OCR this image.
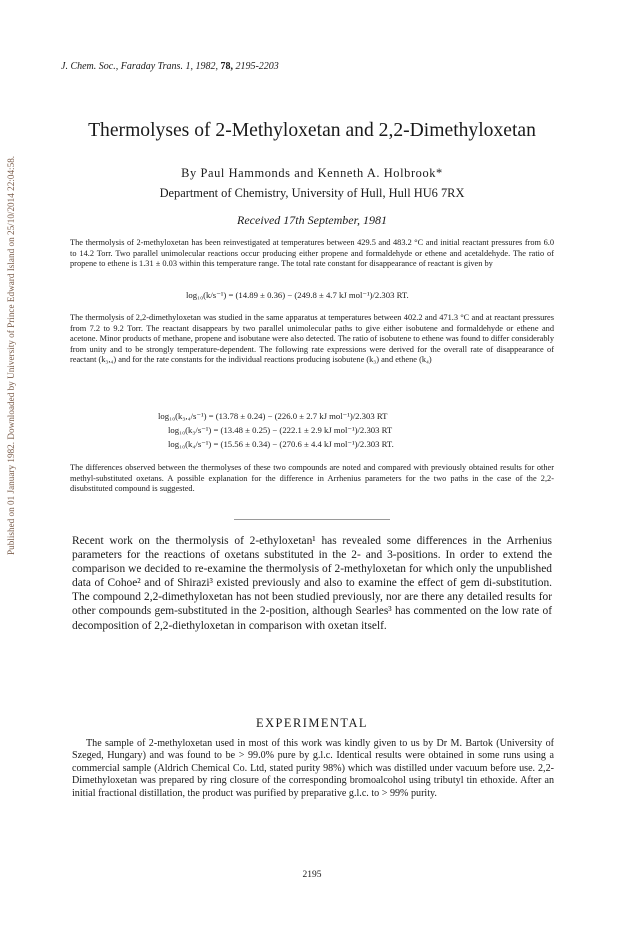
Published on 01 January 1982. Downloaded by University of Prince Edward Island on 25/10/2014 22:04:58.
J. Chem. Soc., Faraday Trans. 1, 1982, 78, 2195-2203
Thermolyses of 2-Methyloxetan and 2,2-Dimethyloxetan
By Paul Hammonds and Kenneth A. Holbrook*
Department of Chemistry, University of Hull, Hull HU6 7RX
Received 17th September, 1981

The thermolysis of 2-methyloxetan has been reinvestigated at temperatures between 429.5 and 483.2 °C and initial reactant pressures from 6.0 to 14.2 Torr. Two parallel unimolecular reactions occur producing either propene and formaldehyde or ethene and acetaldehyde. The ratio of propene to ethene is 1.31 ± 0.03 within this temperature range. The total rate constant for disappearance of reactant is given by

log₁₀(k/s⁻¹) = (14.89 ± 0.36) − (249.8 ± 4.7 kJ mol⁻¹)/2.303 RT.

The thermolysis of 2,2-dimethyloxetan was studied in the same apparatus at temperatures between 402.2 and 471.3 °C and at reactant pressures from 7.2 to 9.2 Torr. The reactant disappears by two parallel unimolecular paths to give either isobutene and formaldehyde or ethene and acetone. Minor products of methane, propene and isobutane were also detected. The ratio of isobutene to ethene was found to differ considerably from unity and to be strongly temperature-dependent. The following rate expressions were derived for the overall rate of disappearance of reactant (k₃,₄) and for the rate constants for the individual reactions producing isobutene (k₃) and ethene (k₄)

log₁₀(k₃,₄/s⁻¹) = (13.78 ± 0.24) − (226.0 ± 2.7 kJ mol⁻¹)/2.303 RT
log₁₀(k₃/s⁻¹) = (13.48 ± 0.25) − (222.1 ± 2.9 kJ mol⁻¹)/2.303 RT
log₁₀(k₄/s⁻¹) = (15.56 ± 0.34) − (270.6 ± 4.4 kJ mol⁻¹)/2.303 RT.

The differences observed between the thermolyses of these two compounds are noted and compared with previously obtained results for other methyl-substituted oxetans. A possible explanation for the difference in Arrhenius parameters for the two paths in the case of the 2,2-disubstituted compound is suggested.

Recent work on the thermolysis of 2-ethyloxetan¹ has revealed some differences in the Arrhenius parameters for the reactions of oxetans substituted in the 2- and 3-positions. In order to extend the comparison we decided to re-examine the thermolysis of 2-methyloxetan for which only the unpublished data of Cohoe² and of Shirazi³ existed previously and also to examine the effect of gem di-substitution. The compound 2,2-dimethyloxetan has not been studied previously, nor are there any detailed results for other compounds gem-substituted in the 2-position, although Searles³ has commented on the low rate of decomposition of 2,2-diethyloxetan in comparison with oxetan itself.

EXPERIMENTAL

The sample of 2-methyloxetan used in most of this work was kindly given to us by Dr M. Bartok (University of Szeged, Hungary) and was found to be > 99.0% pure by g.l.c. Identical results were obtained in some runs using a commercial sample (Aldrich Chemical Co. Ltd, stated purity 98%) which was distilled under vacuum before use. 2,2-Dimethyloxetan was prepared by ring closure of the corresponding bromoalcohol using tributyl tin ethoxide. After an initial fractional distillation, the product was purified by preparative g.l.c. to > 99% purity.

2195
